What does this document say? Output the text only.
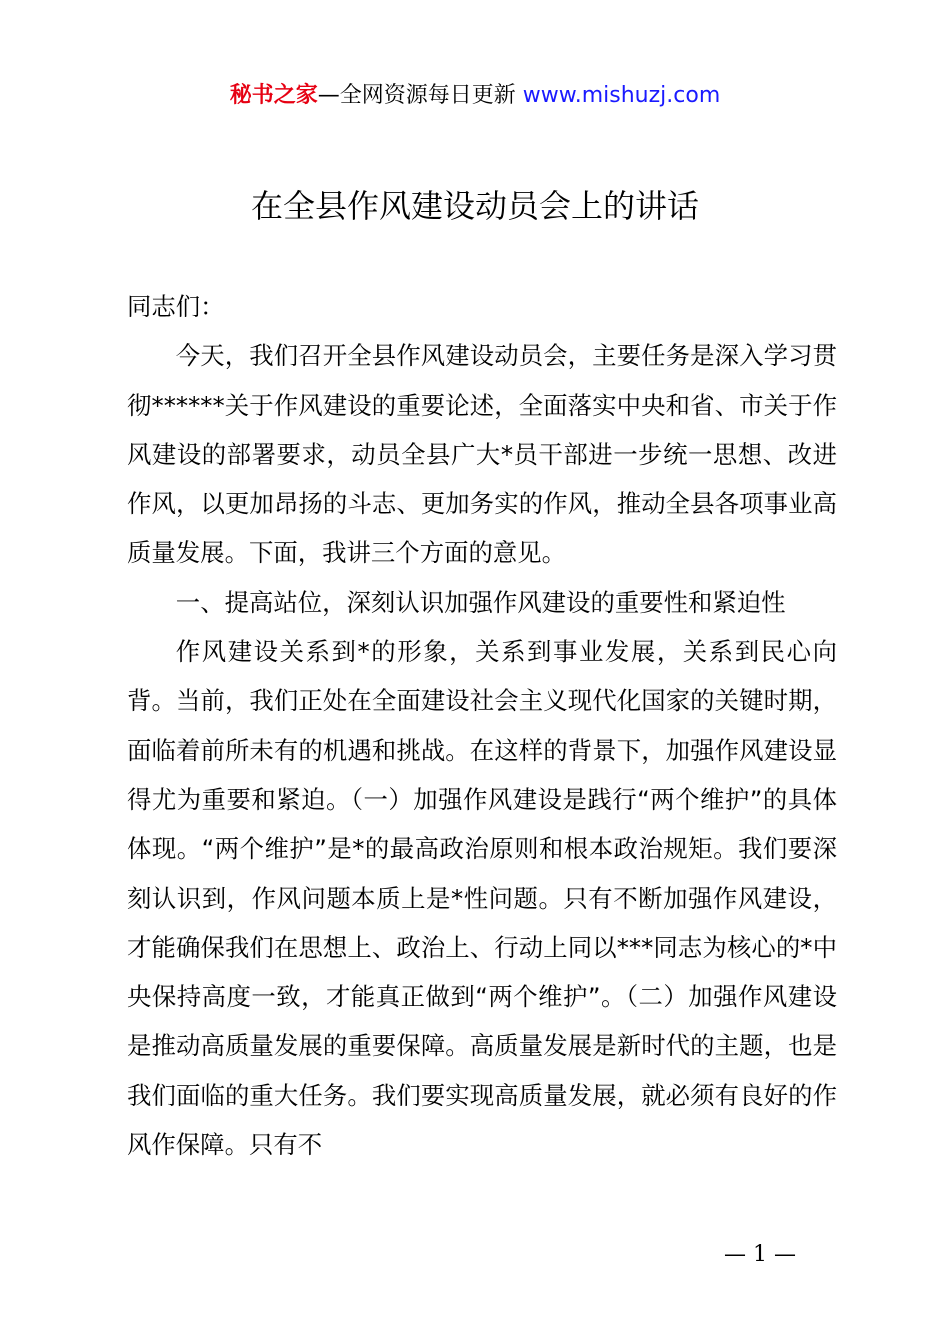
秘书之家—全网资源每日更新 www.mishuzj.com
在全县作风建设动员会上的讲话

同志们：

今天，我们召开全县作风建设动员会，主要任务是深入学习贯彻******关于作风建设的重要论述，全面落实中央和省、市关于作风建设的部署要求，动员全县广大*员干部进一步统一思想、改进作风，以更加昂扬的斗志、更加务实的作风，推动全县各项事业高质量发展。下面，我讲三个方面的意见。

一、提高站位，深刻认识加强作风建设的重要性和紧迫性

作风建设关系到*的形象，关系到事业发展，关系到民心向背。当前，我们正处在全面建设社会主义现代化国家的关键时期，面临着前所未有的机遇和挑战。在这样的背景下，加强作风建设显得尤为重要和紧迫。（一）加强作风建设是践行“两个维护”的具体体现。“两个维护”是*的最高政治原则和根本政治规矩。我们要深刻认识到，作风问题本质上是*性问题。只有不断加强作风建设，才能确保我们在思想上、政治上、行动上同以***同志为核心的*中央保持高度一致，才能真正做到“两个维护”。（二）加强作风建设是推动高质量发展的重要保障。高质量发展是新时代的主题，也是我们面临的重大任务。我们要实现高质量发展，就必须有良好的作风作保障。只有不

— 1 —
